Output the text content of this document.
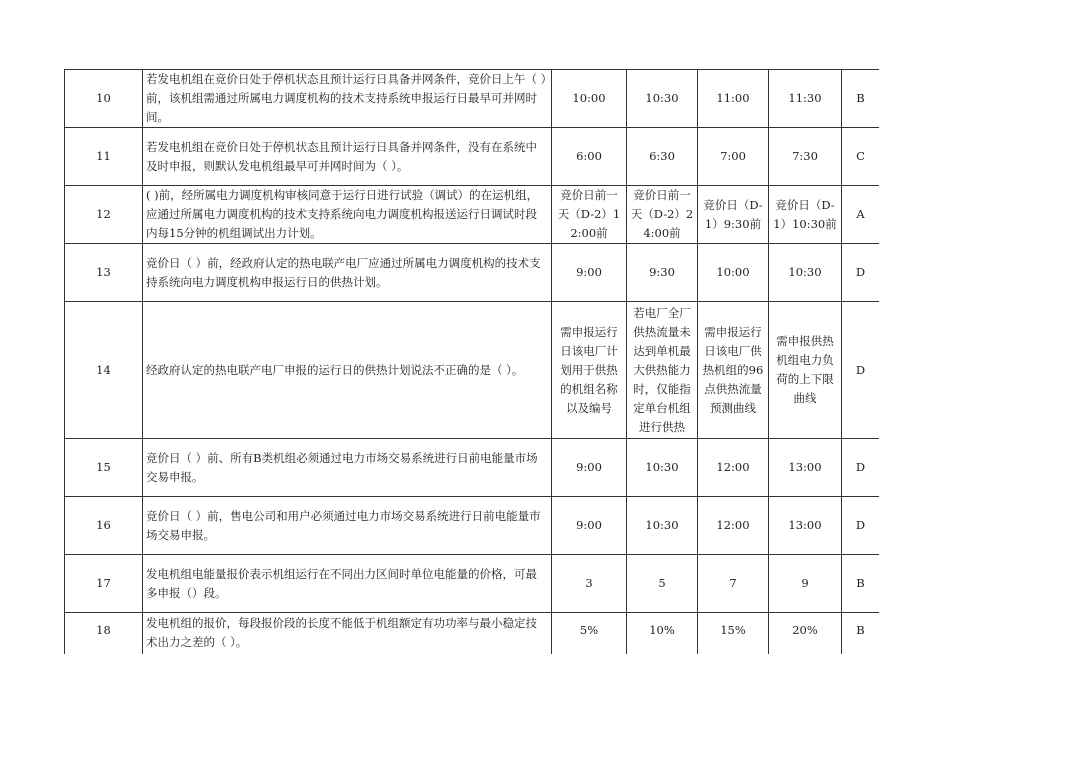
10	若发电机组在竞价日处于停机状态且预计运行日具备并网条件，竞价日上午（ ）前，该机组需通过所属电力调度机构的技术支持系统申报运行日最早可并网时间。	10:00	10:30	11:00	11:30	B
11	若发电机组在竞价日处于停机状态且预计运行日具备并网条件，没有在系统中及时申报，则默认发电机组最早可并网时间为（ ）。	6:00	6:30	7:00	7:30	C
12	( )前，经所属电力调度机构审核同意于运行日进行试验（调试）的在运机组，应通过所属电力调度机构的技术支持系统向电力调度机构报送运行日调试时段内每15分钟的机组调试出力计划。	竞价日前一天（D-2）12:00前	竞价日前一天（D-2）24:00前	竞价日（D-1）9:30前	竞价日（D-1）10:30前	A
13	竞价日（ ）前，经政府认定的热电联产电厂应通过所属电力调度机构的技术支持系统向电力调度机构申报运行日的供热计划。	9:00	9:30	10:00	10:30	D
14	经政府认定的热电联产电厂申报的运行日的供热计划说法不正确的是（ ）。	需申报运行日该电厂计划用于供热的机组名称以及编号	若电厂全厂供热流量未达到单机最大供热能力时，仅能指定单台机组进行供热	需申报运行日该电厂供热机组的96点供热流量预测曲线	需申报供热机组电力负荷的上下限曲线	D
15	竞价日（ ）前、所有B类机组必须通过电力市场交易系统进行日前电能量市场交易申报。	9:00	10:30	12:00	13:00	D
16	竞价日（ ）前，售电公司和用户必须通过电力市场交易系统进行日前电能量市场交易申报。	9:00	10:30	12:00	13:00	D
17	发电机组电能量报价表示机组运行在不同出力区间时单位电能量的价格，可最多申报（）段。	3	5	7	9	B
18	发电机组的报价，每段报价段的长度不能低于机组额定有功功率与最小稳定技术出力之差的（ ）。	5%	10%	15%	20%	B
